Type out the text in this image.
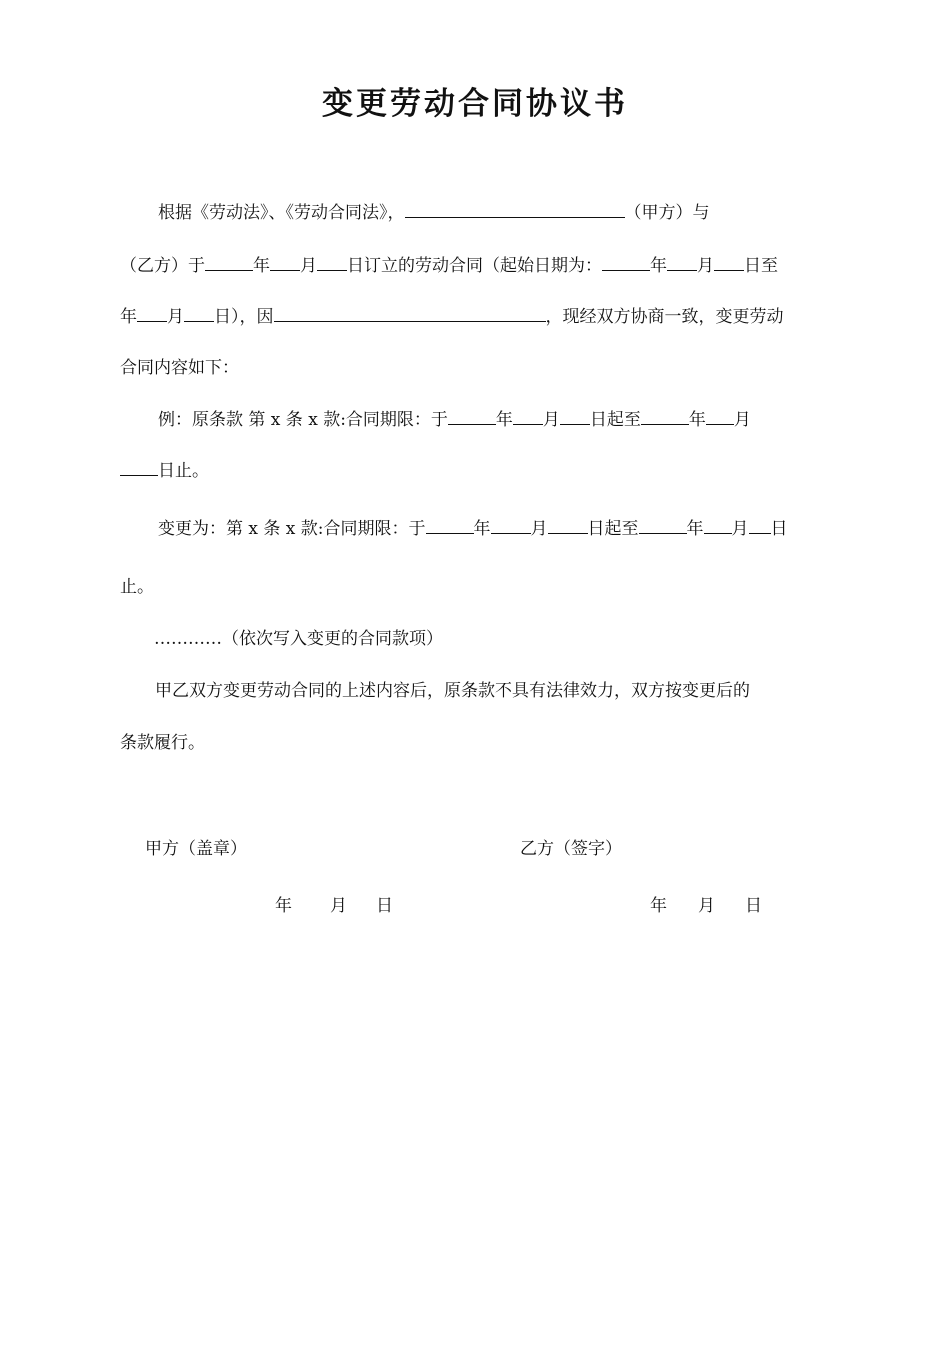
变更劳动合同协议书
根据《劳动法》、《劳动合同法》，	（甲方）与
（乙方）于	年 月 日订立的劳动合同（起始日期为：	年 月 日至
年 月 日），因	，现经双方协商一致，变更劳动
合同内容如下：
例：原条款 第 x 条 x 款:合同期限：于	年 月 日起至	年 月
日止。
变更为：第 x 条 x 款:合同期限：于	年 月 日起至	年 月 日
止。
…………（依次写入变更的合同款项）
甲乙双方变更劳动合同的上述内容后，原条款不具有法律效力，双方按变更后的
条款履行。
甲方（盖章）	乙方（签字）
年 月 日	年 月 日
